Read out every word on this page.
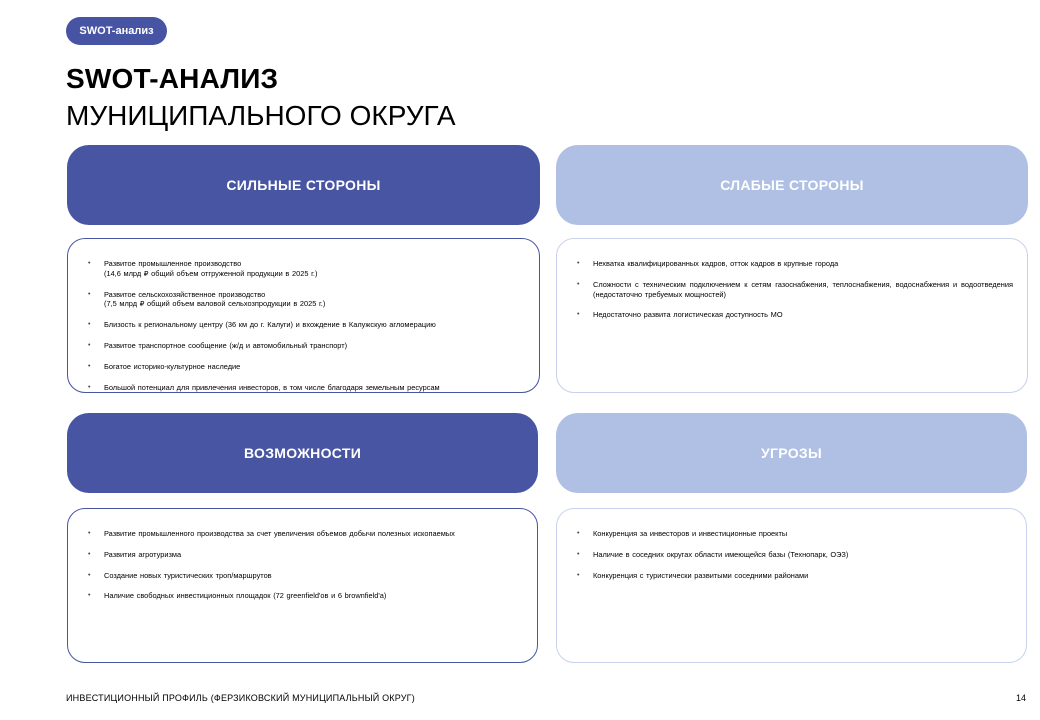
SWOT-анализ
SWOT-АНАЛИЗ
МУНИЦИПАЛЬНОГО ОКРУГА
СИЛЬНЫЕ СТОРОНЫ
• Развитое промышленное производство
(14,6 млрд ₽ общий объем отгруженной продукции в 2025 г.)
• Развитое сельскохозяйственное производство
(7,5 млрд ₽ общий объем валовой сельхозпродукции в 2025 г.)
• Близость к региональному центру (36 км до г. Калуги) и вхождение в Калужскую агломерацию
• Развитое транспортное сообщение (ж/д и автомобильный транспорт)
• Богатое историко-культурное наследие
• Большой потенциал для привлечения инвесторов, в том числе благодаря земельным ресурсам
СЛАБЫЕ СТОРОНЫ
• Нехватка квалифицированных кадров, отток кадров в крупные города
• Сложности с техническим подключением к сетям газоснабжения, теплоснабжения, водоснабжения и водоотведения (недостаточно требуемых мощностей)
• Недостаточно развита логистическая доступность МО
ВОЗМОЖНОСТИ
• Развитие промышленного производства за счет увеличения объемов добычи полезных ископаемых
• Развития агротуризма
• Создание новых туристических троп/маршрутов
• Наличие свободных инвестиционных площадок (72 greenfield'ов и 6 brownfield'а)
УГРОЗЫ
• Конкуренция за инвесторов и инвестиционные проекты
• Наличие в соседних округах области имеющейся базы (Технопарк, ОЭЗ)
• Конкуренция с туристически развитыми соседними районами
ИНВЕСТИЦИОННЫЙ ПРОФИЛЬ (ФЕРЗИКОВСКИЙ МУНИЦИПАЛЬНЫЙ ОКРУГ)	14
